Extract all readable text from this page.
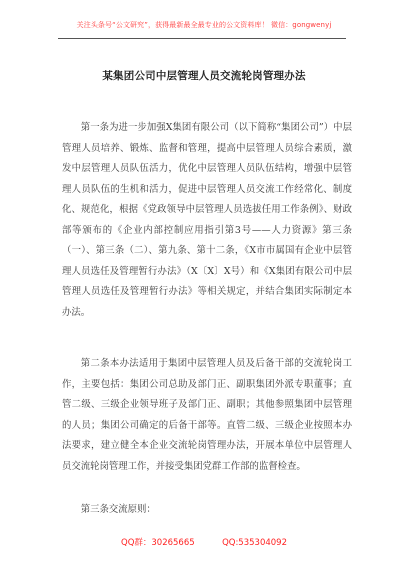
关注头条号“公文研究”，获得最新最全最专业的公文资料库！ 微信：gongwenyj
某集团公司中层管理人员交流轮岗管理办法
第一条为进一步加强X集团有限公司（以下简称“集团公司”）中层管理人员培养、锻炼、监督和管理，提高中层管理人员综合素质，激发中层管理人员队伍活力，优化中层管理人员队伍结构，增强中层管理人员队伍的生机和活力，促进中层管理人员交流工作经常化、制度化、规范化，根据《党政领导中层管理人员选拔任用工作条例》、财政部等颁布的《企业内部控制应用指引第3号——人力资源》第三条（一）、第三条（二）、第九条、第十二条，《X市市属国有企业中层管理人员选任及管理暂行办法》（X〔X〕X号）和《X集团有限公司中层管理人员选任及管理暂行办法》等相关规定，并结合集团实际制定本办法。
第二条本办法适用于集团中层管理人员及后备干部的交流轮岗工作，主要包括：集团公司总助及部门正、副职集团外派专职董事；直管二级、三级企业领导班子及部门正、副职；其他参照集团中层管理的人员；集团公司确定的后备干部等。直管二级、三级企业按照本办法要求，建立健全本企业交流轮岗管理办法，开展本单位中层管理人员交流轮岗管理工作，并接受集团党群工作部的监督检查。
第三条交流原则：
QQ群：30265665	QQ:535304092
